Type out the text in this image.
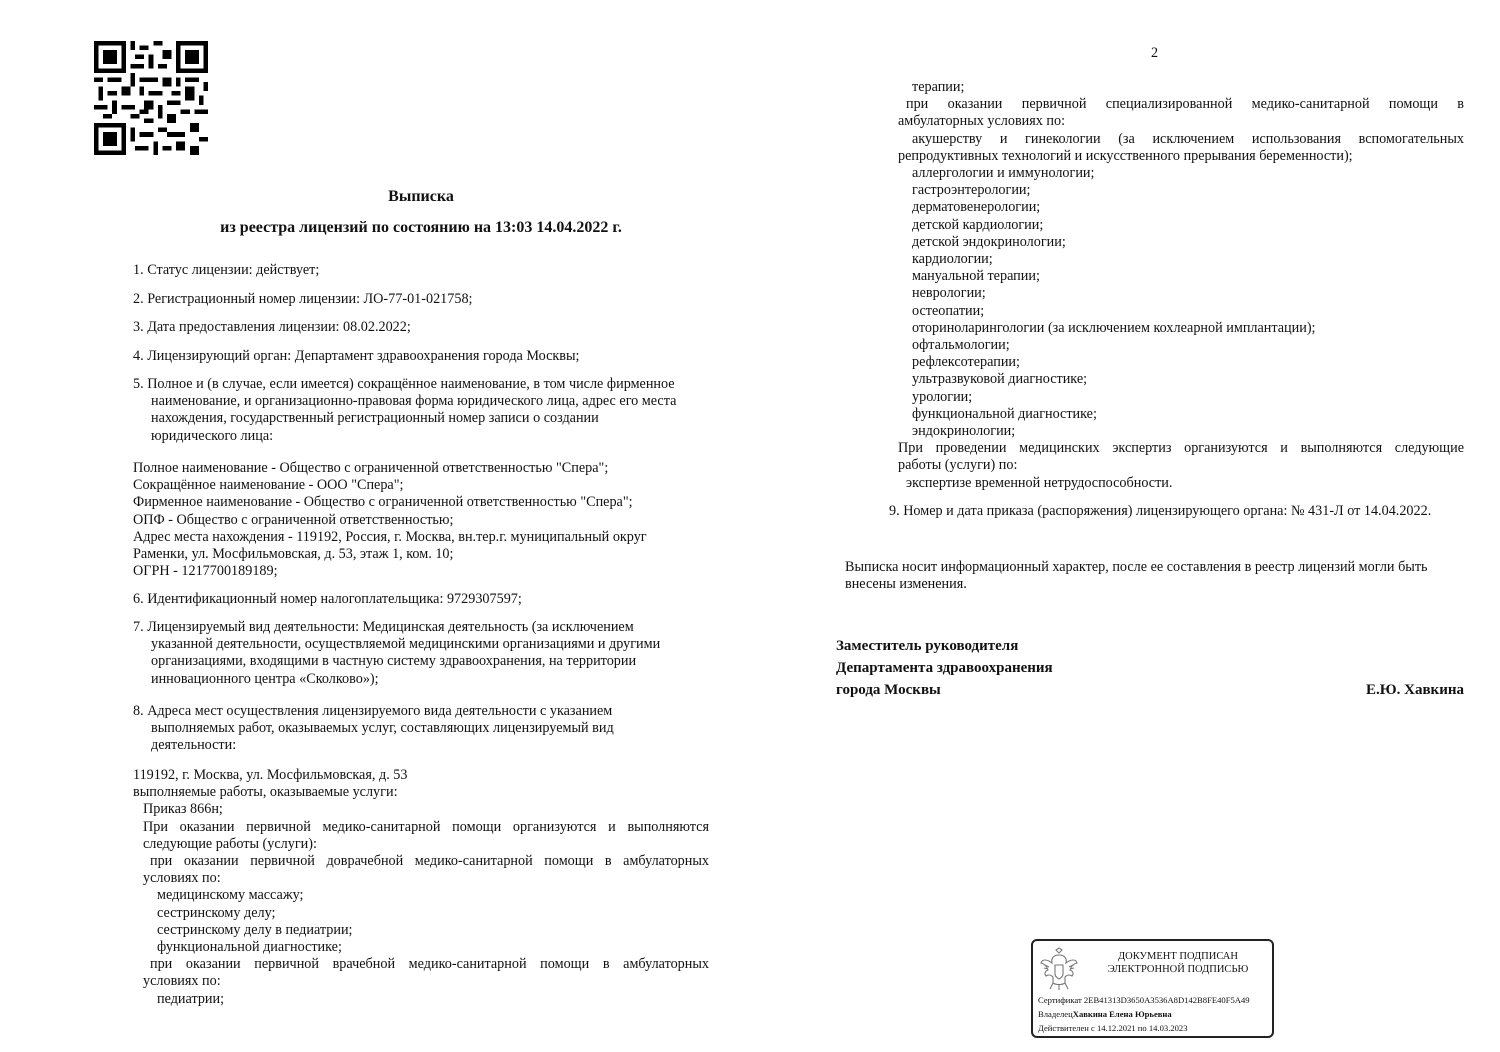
2
Выписка
из реестра лицензий по состоянию на 13:03 14.04.2022 г.
1. Статус лицензии: действует;
2. Регистрационный номер лицензии: ЛО-77-01-021758;
3. Дата предоставления лицензии: 08.02.2022;
4. Лицензирующий орган: Департамент здравоохранения города Москвы;
5. Полное и (в случае, если имеется) сокращённое наименование, в том числе фирменное
наименование, и организационно-правовая форма юридического лица, адрес его места
нахождения, государственный регистрационный номер записи о создании
юридического лица:
Полное наименование - Общество с ограниченной ответственностью "Спера";
Сокращённое наименование - ООО "Спера";
Фирменное наименование - Общество с ограниченной ответственностью "Спера";
ОПФ - Общество с ограниченной ответственностью;
Адрес места нахождения - 119192, Россия, г. Москва, вн.тер.г. муниципальный округ
Раменки, ул. Мосфильмовская, д. 53, этаж 1, ком. 10;
ОГРН - 1217700189189;
6. Идентификационный номер налогоплательщика: 9729307597;
7. Лицензируемый вид деятельности: Медицинская деятельность (за исключением
указанной деятельности, осуществляемой медицинскими организациями и другими
организациями, входящими в частную систему здравоохранения, на территории
инновационного центра «Сколково»);
8. Адреса мест осуществления лицензируемого вида деятельности с указанием
выполняемых работ, оказываемых услуг, составляющих лицензируемый вид
деятельности:
119192, г. Москва, ул. Мосфильмовская, д. 53
выполняемые работы, оказываемые услуги:
Приказ 866н;
При оказании первичной медико-санитарной помощи организуются и выполняются
следующие работы (услуги):
при оказании первичной доврачебной медико-санитарной помощи в амбулаторных
условиях по:
медицинскому массажу;
сестринскому делу;
сестринскому делу в педиатрии;
функциональной диагностике;
при оказании первичной врачебной медико-санитарной помощи в амбулаторных
условиях по:
педиатрии;
терапии;
при оказании первичной специализированной медико-санитарной помощи в
амбулаторных условиях по:
акушерству и гинекологии (за исключением использования вспомогательных
репродуктивных технологий и искусственного прерывания беременности);
аллергологии и иммунологии;
гастроэнтерологии;
дерматовенерологии;
детской кардиологии;
детской эндокринологии;
кардиологии;
мануальной терапии;
неврологии;
остеопатии;
оториноларингологии (за исключением кохлеарной имплантации);
офтальмологии;
рефлексотерапии;
ультразвуковой диагностике;
урологии;
функциональной диагностике;
эндокринологии;
При проведении медицинских экспертиз организуются и выполняются следующие
работы (услуги) по:
экспертизе временной нетрудоспособности.
9. Номер и дата приказа (распоряжения) лицензирующего органа: № 431-Л от 14.04.2022.
Выписка носит информационный характер, после ее составления в реестр лицензий могли быть
внесены изменения.
Заместитель руководителя
Департамента здравоохранения
города Москвы	Е.Ю. Хавкина
ДОКУМЕНТ ПОДПИСАН
ЭЛЕКТРОННОЙ ПОДПИСЬЮ
Сертификат 2EB41313D3650A3536A8D142B8FE40F5A49
ВладелецХавкина Елена Юрьевна
Действителен с 14.12.2021 по 14.03.2023
